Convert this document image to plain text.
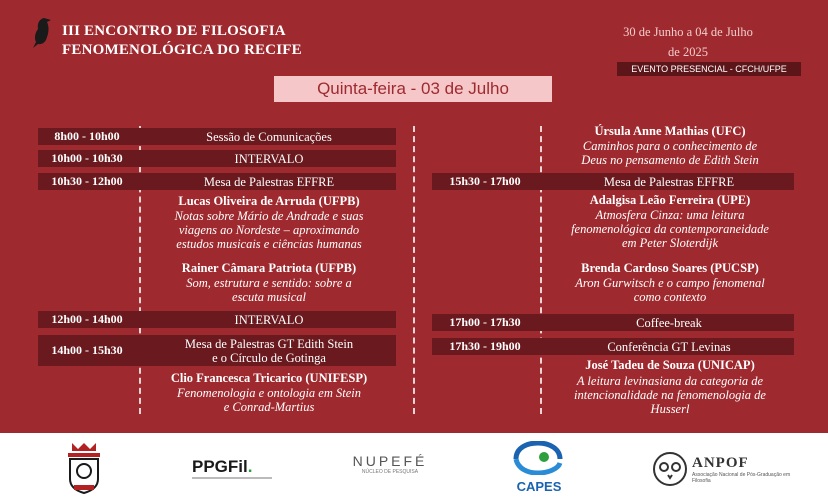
III ENCONTRO DE FILOSOFIA
FENOMENOLÓGICA DO RECIFE
30 de Junho a 04 de Julho
de 2025
EVENTO PRESENCIAL - CFCH/UFPE
Quinta-feira - 03 de Julho
8h00 - 10h00	Sessão de Comunicações
10h00 - 10h30	INTERVALO
10h30 - 12h00	Mesa de Palestras EFFRE
Lucas Oliveira de Arruda (UFPB)
Notas sobre Mário de Andrade e suas
viagens ao Nordeste – aproximando
estudos musicais e ciências humanas
Rainer Câmara Patriota (UFPB)
Som, estrutura e sentido: sobre a
escuta musical
12h00 - 14h00	INTERVALO
14h00 - 15h30	Mesa de Palestras GT Edith Stein
e o Círculo de Gotinga
Clio Francesca Tricarico (UNIFESP)
Fenomenologia e ontologia em Stein
e Conrad-Martius
Úrsula Anne Mathias (UFC)
Caminhos para o conhecimento de
Deus no pensamento de Edith Stein
15h30 - 17h00	Mesa de Palestras EFFRE
Adalgisa Leão Ferreira (UPE)
Atmosfera Cinza: uma leitura
fenomenológica da contemporaneidade
em Peter Sloterdijk
Brenda Cardoso Soares (PUCSP)
Aron Gurwitsch e o campo fenomenal
como contexto
17h00 - 17h30	Coffee-break
17h30 - 19h00	Conferência GT Levinas
José Tadeu de Souza (UNICAP)
A leitura levinasiana da categoria de
intencionalidade na fenomenologia de
Husserl
PPGFil.	NUPEFÉ
NÚCLEO DE PESQUISA
CAPES
ANPOF
Associação Nacional de Pós-Graduação em Filosofia
